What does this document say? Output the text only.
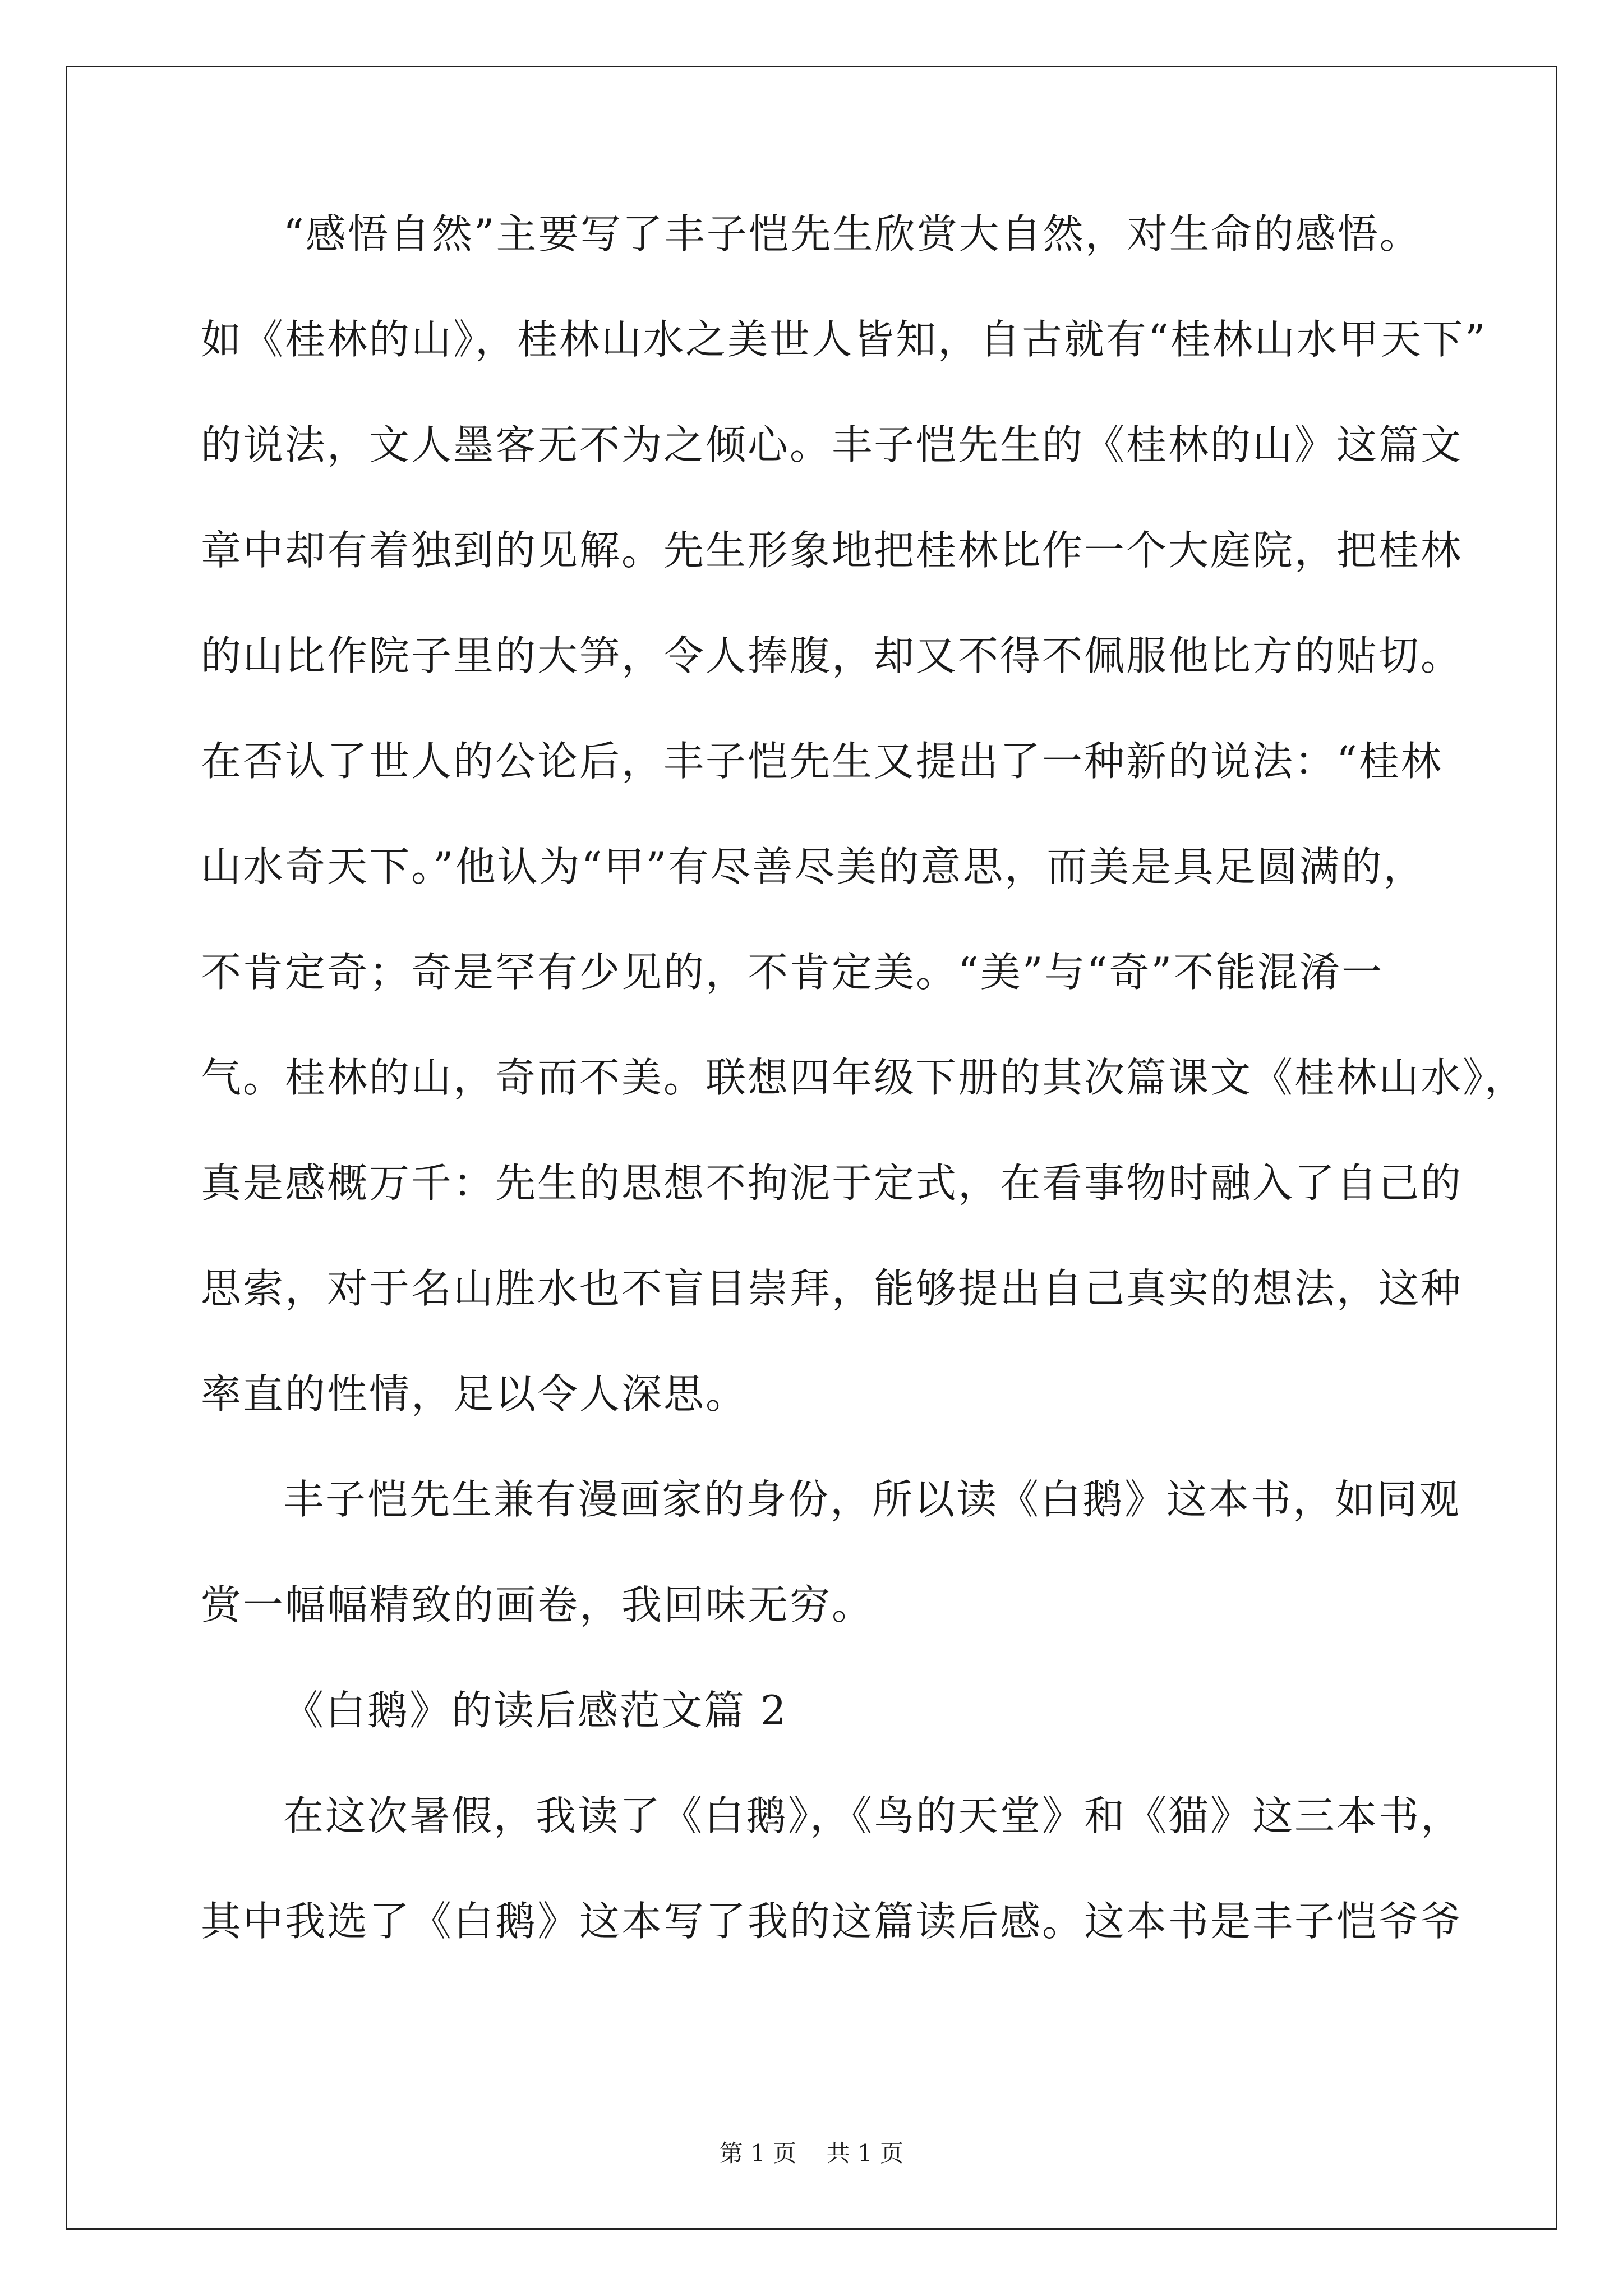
“感悟自然”主要写了丰子恺先生欣赏大自然，对生命的感悟。
如《桂林的山》，桂林山水之美世人皆知，自古就有“桂林山水甲天下”
的说法，文人墨客无不为之倾心。丰子恺先生的《桂林的山》这篇文
章中却有着独到的见解。先生形象地把桂林比作一个大庭院，把桂林
的山比作院子里的大笋，令人捧腹，却又不得不佩服他比方的贴切。
在否认了世人的公论后，丰子恺先生又提出了一种新的说法：“桂林
山水奇天下。”他认为“甲”有尽善尽美的意思，而美是具足圆满的，
不肯定奇；奇是罕有少见的，不肯定美。“美”与“奇”不能混淆一
气。桂林的山，奇而不美。联想四年级下册的其次篇课文《桂林山水》，
真是感概万千：先生的思想不拘泥于定式，在看事物时融入了自己的
思索，对于名山胜水也不盲目崇拜，能够提出自己真实的想法，这种
率直的性情，足以令人深思。
丰子恺先生兼有漫画家的身份，所以读《白鹅》这本书，如同观
赏一幅幅精致的画卷，我回味无穷。
《白鹅》的读后感范文篇 2
在这次暑假，我读了《白鹅》，《鸟的天堂》和《猫》这三本书，
其中我选了《白鹅》这本写了我的这篇读后感。这本书是丰子恺爷爷
第 1 页    共 1 页
